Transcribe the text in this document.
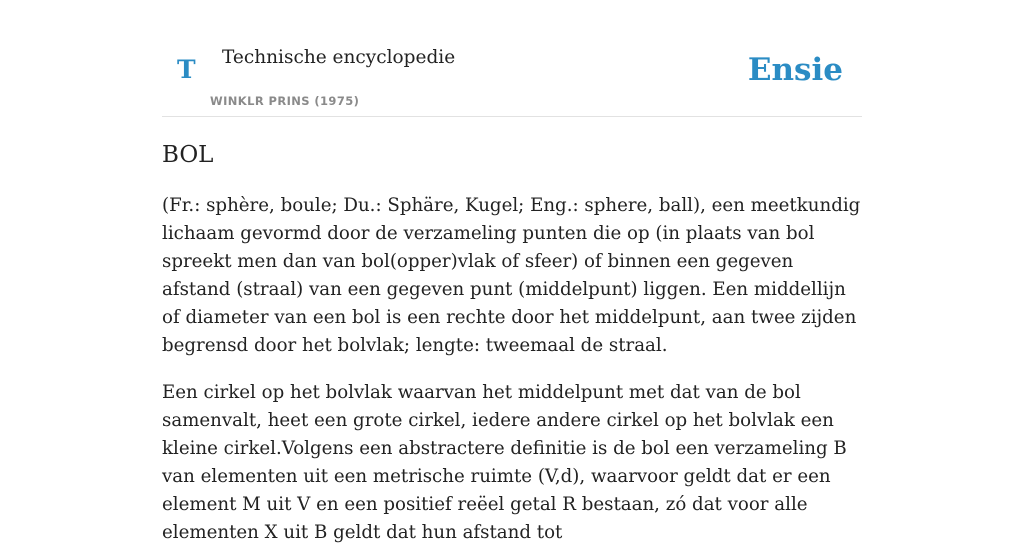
T Technische encyclopedie
WINKLR PRINS (1975)
Ensie
BOL

(Fr.: sphère, boule; Du.: Sphäre, Kugel; Eng.: sphere, ball), een meetkundig lichaam gevormd door de verzameling punten die op (in plaats van bol spreekt men dan van bol(opper)vlak of sfeer) of binnen een gegeven afstand (straal) van een gegeven punt (middelpunt) liggen. Een middellijn of diameter van een bol is een rechte door het middelpunt, aan twee zijden begrensd door het bolvlak; lengte: tweemaal de straal.

Een cirkel op het bolvlak waarvan het middelpunt met dat van de bol samenvalt, heet een grote cirkel, iedere andere cirkel op het bolvlak een kleine cirkel.Volgens een abstractere definitie is de bol een verzameling B van elementen uit een metrische ruimte (V,d), waarvoor geldt dat er een element M uit V en een positief reëel getal R bestaan, zó dat voor alle elementen X uit B geldt dat hun afstand tot
